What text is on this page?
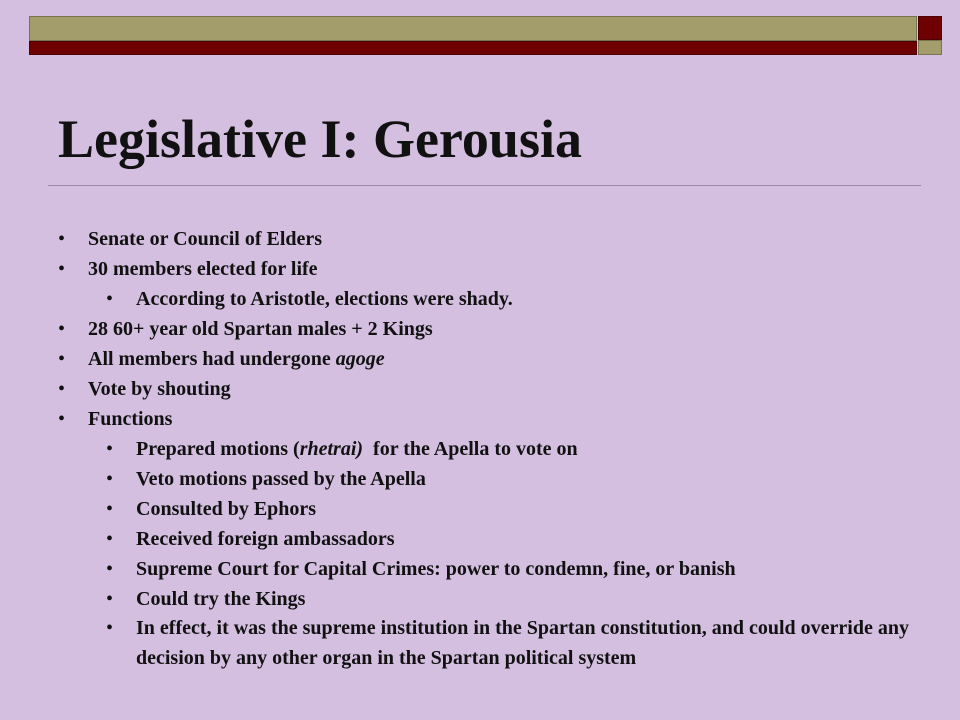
Legislative I: Gerousia
• Senate or Council of Elders
• 30 members elected for life
• According to Aristotle, elections were shady.
• 28 60+ year old Spartan males + 2 Kings
• All members had undergone agoge
• Vote by shouting
• Functions
• Prepared motions (rhetrai)  for the Apella to vote on
• Veto motions passed by the Apella
• Consulted by Ephors
• Received foreign ambassadors
• Supreme Court for Capital Crimes: power to condemn, fine, or banish
• Could try the Kings
• In effect, it was the supreme institution in the Spartan constitution, and could override any decision by any other organ in the Spartan political system
